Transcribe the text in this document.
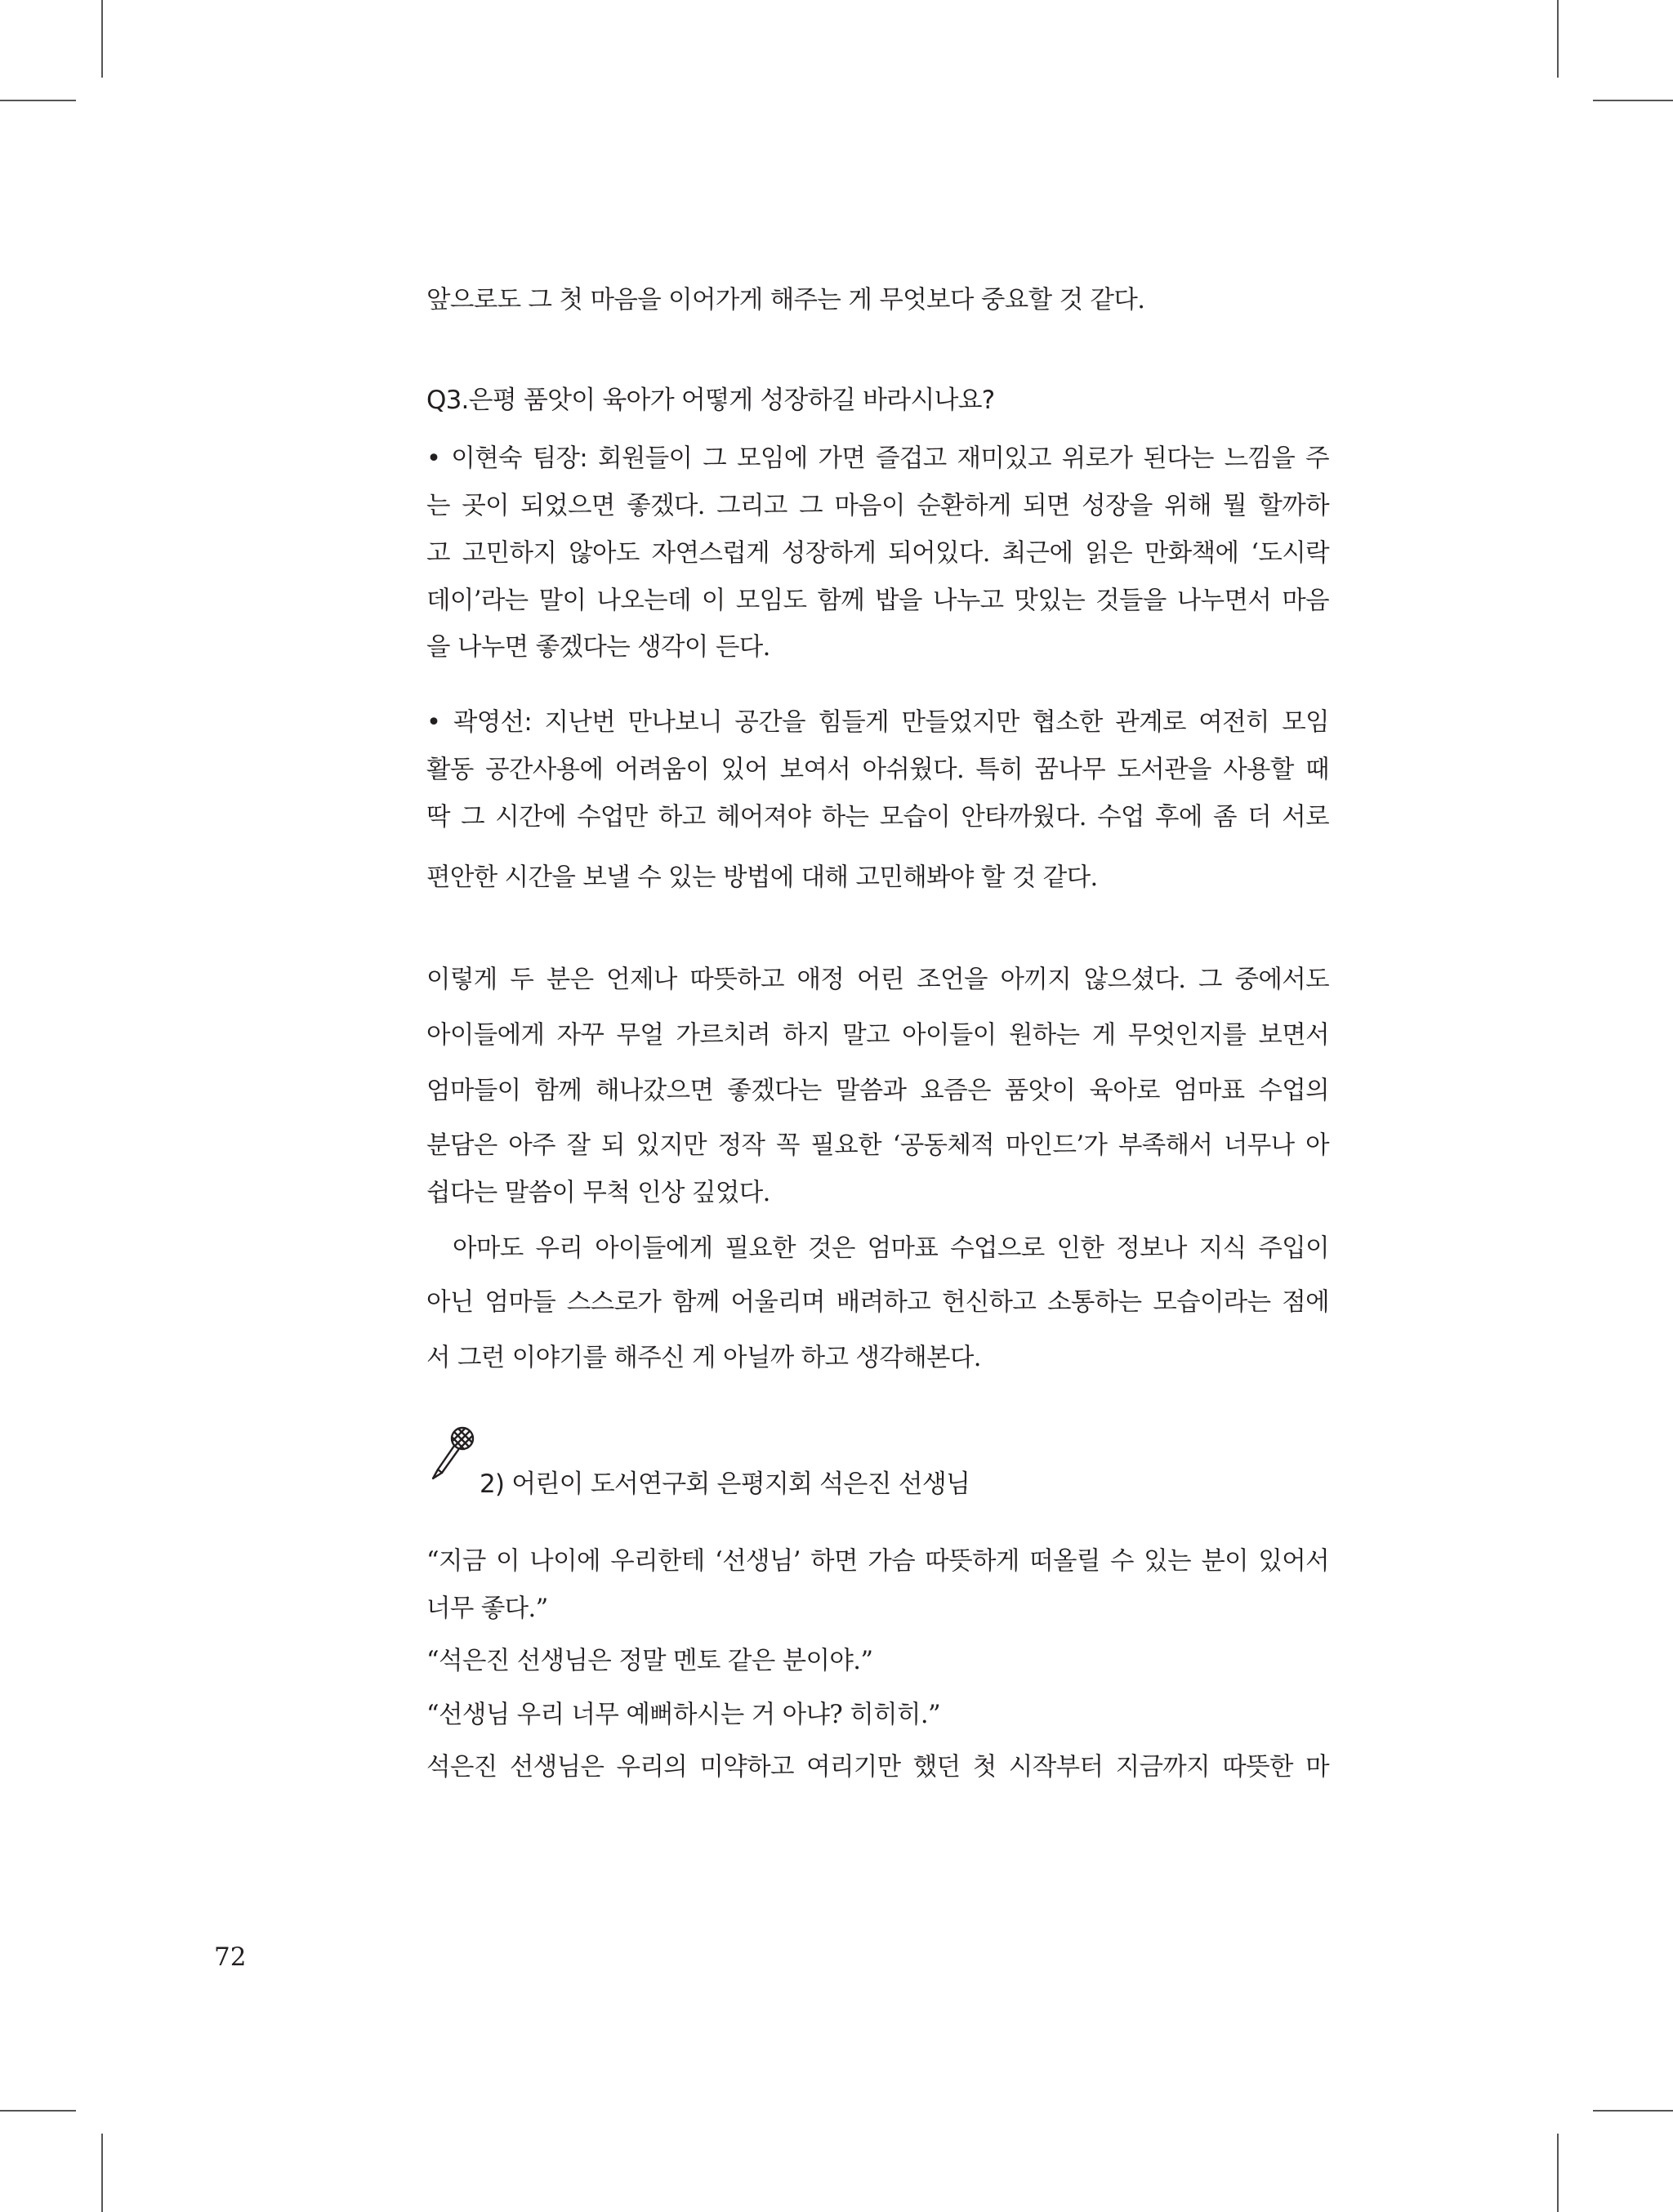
앞으로도 그 첫 마음을 이어가게 해주는 게 무엇보다 중요할 것 같다.
Q3.은평 품앗이 육아가 어떻게 성장하길 바라시나요?
• 이현숙 팀장: 회원들이 그 모임에 가면 즐겁고 재미있고 위로가 된다는 느낌을 주
는 곳이 되었으면 좋겠다. 그리고 그 마음이 순환하게 되면 성장을 위해 뭘 할까하
고 고민하지 않아도 자연스럽게 성장하게 되어있다. 최근에 읽은 만화책에 ‘도시락
데이’라는 말이 나오는데 이 모임도 함께 밥을 나누고 맛있는 것들을 나누면서 마음
을 나누면 좋겠다는 생각이 든다.
• 곽영선: 지난번 만나보니 공간을 힘들게 만들었지만 협소한 관계로 여전히 모임
활동 공간사용에 어려움이 있어 보여서 아쉬웠다. 특히 꿈나무 도서관을 사용할 때
딱 그 시간에 수업만 하고 헤어져야 하는 모습이 안타까웠다. 수업 후에 좀 더 서로
편안한 시간을 보낼 수 있는 방법에 대해 고민해봐야 할 것 같다.
이렇게 두 분은 언제나 따뜻하고 애정 어린 조언을 아끼지 않으셨다. 그 중에서도
아이들에게 자꾸 무얼 가르치려 하지 말고 아이들이 원하는 게 무엇인지를 보면서
엄마들이 함께 해나갔으면 좋겠다는 말씀과 요즘은 품앗이 육아로 엄마표 수업의
분담은 아주 잘 되 있지만 정작 꼭 필요한 ‘공동체적 마인드’가 부족해서 너무나 아
쉽다는 말씀이 무척 인상 깊었다.
아마도 우리 아이들에게 필요한 것은 엄마표 수업으로 인한 정보나 지식 주입이
아닌 엄마들 스스로가 함께 어울리며 배려하고 헌신하고 소통하는 모습이라는 점에
서 그런 이야기를 해주신 게 아닐까 하고 생각해본다.
2) 어린이 도서연구회 은평지회 석은진 선생님
“지금 이 나이에 우리한테 ‘선생님’ 하면 가슴 따뜻하게 떠올릴 수 있는 분이 있어서
너무 좋다.”
“석은진 선생님은 정말 멘토 같은 분이야.”
“선생님 우리 너무 예뻐하시는 거 아냐? 히히히.”
석은진 선생님은 우리의 미약하고 여리기만 했던 첫 시작부터 지금까지 따뜻한 마
72
